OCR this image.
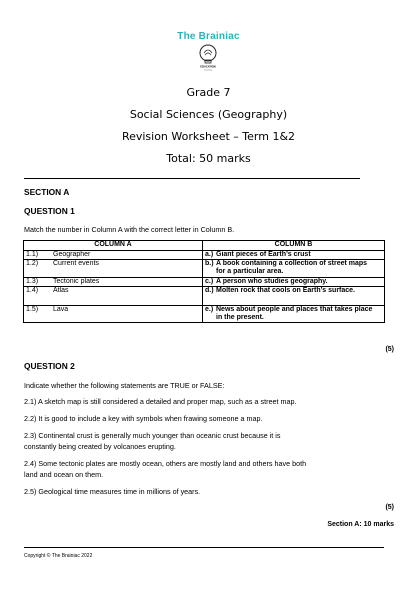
The Brainiac
EDUCATION
Grade 7
Social Sciences (Geography)
Revision Worksheet – Term 1&2
Total: 50 marks
SECTION A
QUESTION 1
Match the number in Column A with the correct letter in Column B.
COLUMN A	COLUMN B
1.1) Geographer	a.) Giant pieces of Earth’s crust
1.2) Current events	b.) A book containing a collection of street maps for a particular area.
1.3) Tectonic plates	c.) A person who studies geography.
1.4) Atlas	d.) Molten rock that cools on Earth’s surface.
1.5) Lava	e.) News about people and places that takes place in the present.
(5)
QUESTION 2
Indicate whether the following statements are TRUE or FALSE:
2.1) A sketch map is still considered a detailed and proper map, such as a street map.
2.2) It is good to include a key with symbols when frawing someone a map.
2.3) Continental crust is generally much younger than oceanic crust because it is
constantly being created by volcanoes erupting.
2.4) Some tectonic plates are mostly ocean, others are mostly land and others have both
land and ocean on them.
2.5) Geological time measures time in millions of years.
(5)
Section A: 10 marks
Copyright © The Brainiac 2022
